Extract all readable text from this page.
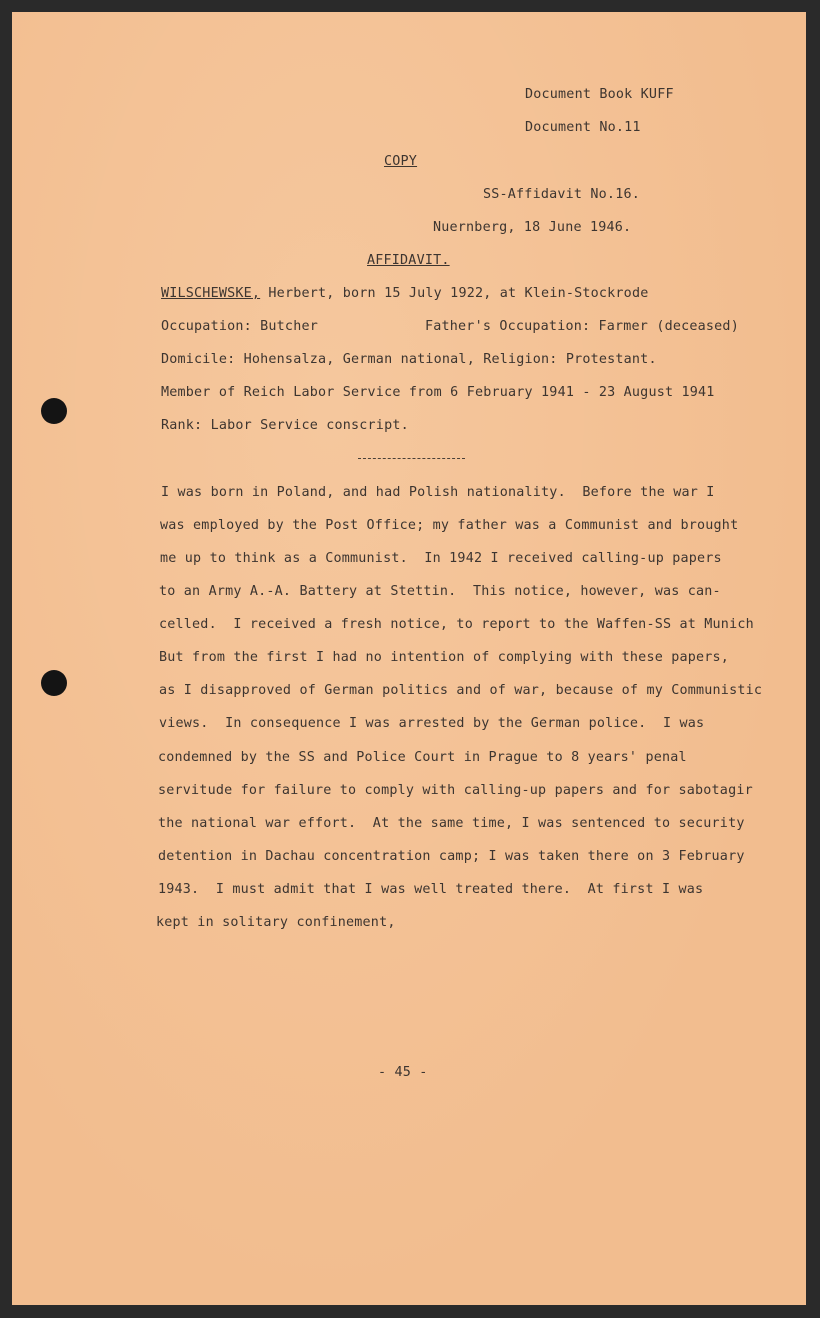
Document Book KUFF
Document No.11
COPY
SS-Affidavit No.16.
Nuernberg, 18 June 1946.
AFFIDAVIT.
WILSCHEWSKE, Herbert, born 15 July 1922, at Klein-Stockrode
Occupation: Butcher	Father's Occupation: Farmer (deceased)
Domicile: Hohensalza, German national, Religion: Protestant.
Member of Reich Labor Service from 6 February 1941 - 23 August 1941
Rank: Labor Service conscript.
I was born in Poland, and had Polish nationality.  Before the war I
was employed by the Post Office; my father was a Communist and brought
me up to think as a Communist.  In 1942 I received calling-up papers
to an Army A.-A. Battery at Stettin.  This notice, however, was can-
celled.  I received a fresh notice, to report to the Waffen-SS at Munich
But from the first I had no intention of complying with these papers,
as I disapproved of German politics and of war, because of my Communistic
views.  In consequence I was arrested by the German police.  I was
condemned by the SS and Police Court in Prague to 8 years' penal
servitude for failure to comply with calling-up papers and for sabotagir
the national war effort.  At the same time, I was sentenced to security
detention in Dachau concentration camp; I was taken there on 3 February
1943.  I must admit that I was well treated there.  At first I was
kept in solitary confinement,
- 45 -
